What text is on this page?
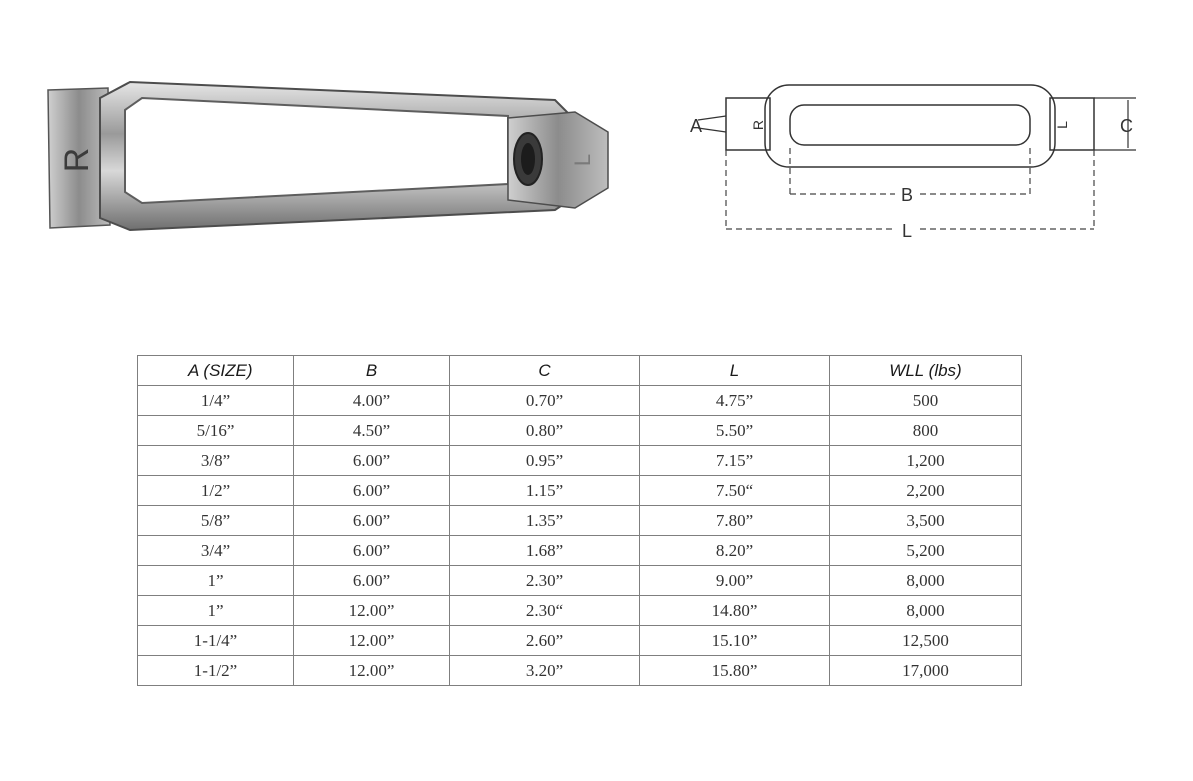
R	L
A	R	L	C
B
L
A (SIZE)	B	C	L	WLL (lbs)
1/4”	4.00”	0.70”	4.75”	500
5/16”	4.50”	0.80”	5.50”	800
3/8”	6.00”	0.95”	7.15”	1,200
1/2”	6.00”	1.15”	7.50“	2,200
5/8”	6.00”	1.35”	7.80”	3,500
3/4”	6.00”	1.68”	8.20”	5,200
1”	6.00”	2.30”	9.00”	8,000
1”	12.00”	2.30“	14.80”	8,000
1-1/4”	12.00”	2.60”	15.10”	12,500
1-1/2”	12.00”	3.20”	15.80”	17,000
